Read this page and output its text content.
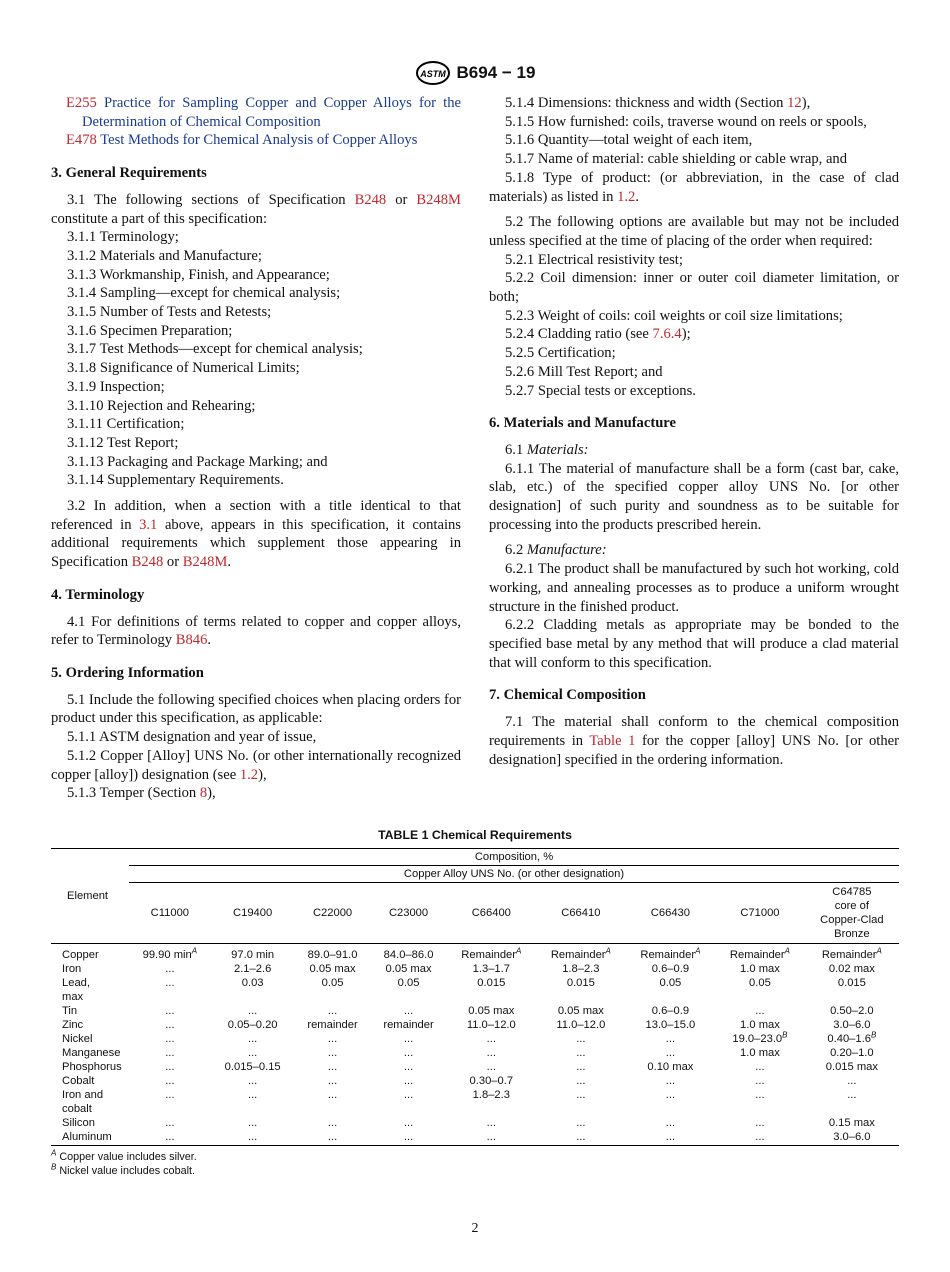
ASTM B694 − 19

E255 Practice for Sampling Copper and Copper Alloys for the Determination of Chemical Composition

E478 Test Methods for Chemical Analysis of Copper Alloys

3. General Requirements

3.1 The following sections of Specification B248 or B248M constitute a part of this specification:

3.1.1 Terminology;

3.1.2 Materials and Manufacture;

3.1.3 Workmanship, Finish, and Appearance;

3.1.4 Sampling—except for chemical analysis;

3.1.5 Number of Tests and Retests;

3.1.6 Specimen Preparation;

3.1.7 Test Methods—except for chemical analysis;

3.1.8 Significance of Numerical Limits;

3.1.9 Inspection;

3.1.10 Rejection and Rehearing;

3.1.11 Certification;

3.1.12 Test Report;

3.1.13 Packaging and Package Marking; and

3.1.14 Supplementary Requirements.

3.2 In addition, when a section with a title identical to that referenced in 3.1 above, appears in this specification, it contains additional requirements which supplement those appearing in Specification B248 or B248M.

4. Terminology

4.1 For definitions of terms related to copper and copper alloys, refer to Terminology B846.

5. Ordering Information

5.1 Include the following specified choices when placing orders for product under this specification, as applicable:

5.1.1 ASTM designation and year of issue,

5.1.2 Copper [Alloy] UNS No. (or other internationally recognized copper [alloy]) designation (see 1.2),

5.1.3 Temper (Section 8),

5.1.4 Dimensions: thickness and width (Section 12),

5.1.5 How furnished: coils, traverse wound on reels or spools,

5.1.6 Quantity—total weight of each item,

5.1.7 Name of material: cable shielding or cable wrap, and

5.1.8 Type of product: (or abbreviation, in the case of clad materials) as listed in 1.2.

5.2 The following options are available but may not be included unless specified at the time of placing of the order when required:

5.2.1 Electrical resistivity test;

5.2.2 Coil dimension: inner or outer coil diameter limitation, or both;

5.2.3 Weight of coils: coil weights or coil size limitations;

5.2.4 Cladding ratio (see 7.6.4);

5.2.5 Certification;

5.2.6 Mill Test Report; and

5.2.7 Special tests or exceptions.

6. Materials and Manufacture

6.1 Materials:

6.1.1 The material of manufacture shall be a form (cast bar, cake, slab, etc.) of the specified copper alloy UNS No. [or other designation] of such purity and soundness as to be suitable for processing into the products prescribed herein.

6.2 Manufacture:

6.2.1 The product shall be manufactured by such hot working, cold working, and annealing processes as to produce a uniform wrought structure in the finished product.

6.2.2 Cladding metals as appropriate may be bonded to the specified base metal by any method that will produce a clad material that will conform to this specification.

7. Chemical Composition

7.1 The material shall conform to the chemical composition requirements in Table 1 for the copper [alloy] UNS No. [or other designation] specified in the ordering information.

TABLE 1 Chemical Requirements
Element	Composition, %								
	Copper Alloy UNS No. (or other designation)								
	C11000	C19400	C22000	C23000	C66400	C66410	C66430	C71000	C64785
core of
Copper-Clad
Bronze
Copper	99.90 $\min^A$	97.0 min	89.0–91.0	84.0–86.0	Remainder$^A$	Remainder$^A$	Remainder$^A$	Remainder$^A$	Remainder$^A$
Iron	...	2.1–2.6	0.05 max	0.05 max	1.3–1.7	1.8–2.3	0.6–0.9	1.0 max	0.02 max
Lead,
max	...	0.03	0.05	0.05	0.015	0.015	0.05	0.05	0.015
Tin	...	...	...	...	0.05 max	0.05 max	0.6–0.9	...	0.50–2.0
Zinc	...	0.05–0.20	remainder	remainder	11.0–12.0	11.0–12.0	13.0–15.0	1.0 max	3.0–6.0
Nickel	...	...	...	...	...	...	...	$19.0-23.0^B$	$0.40-1.6^B$
Manganese	...	...	...	...	...	...	...	1.0 max	0.20–1.0
Phosphorus	...	0.015–0.15	...	...	...	...	0.10 max	...	0.015 max
Cobalt	...	...	...	...	0.30–0.7	...	...	...	...
Iron and
cobalt	...	...	...	...	1.8–2.3	...	...	...	...
Silicon	...	...	...	...	...	...	...	...	0.15 max
Aluminum	...	...	...	...	...	...	...	...	3.0–6.0
$^A$ Copper value includes silver.
$^B$ Nickel value includes cobalt.
2
